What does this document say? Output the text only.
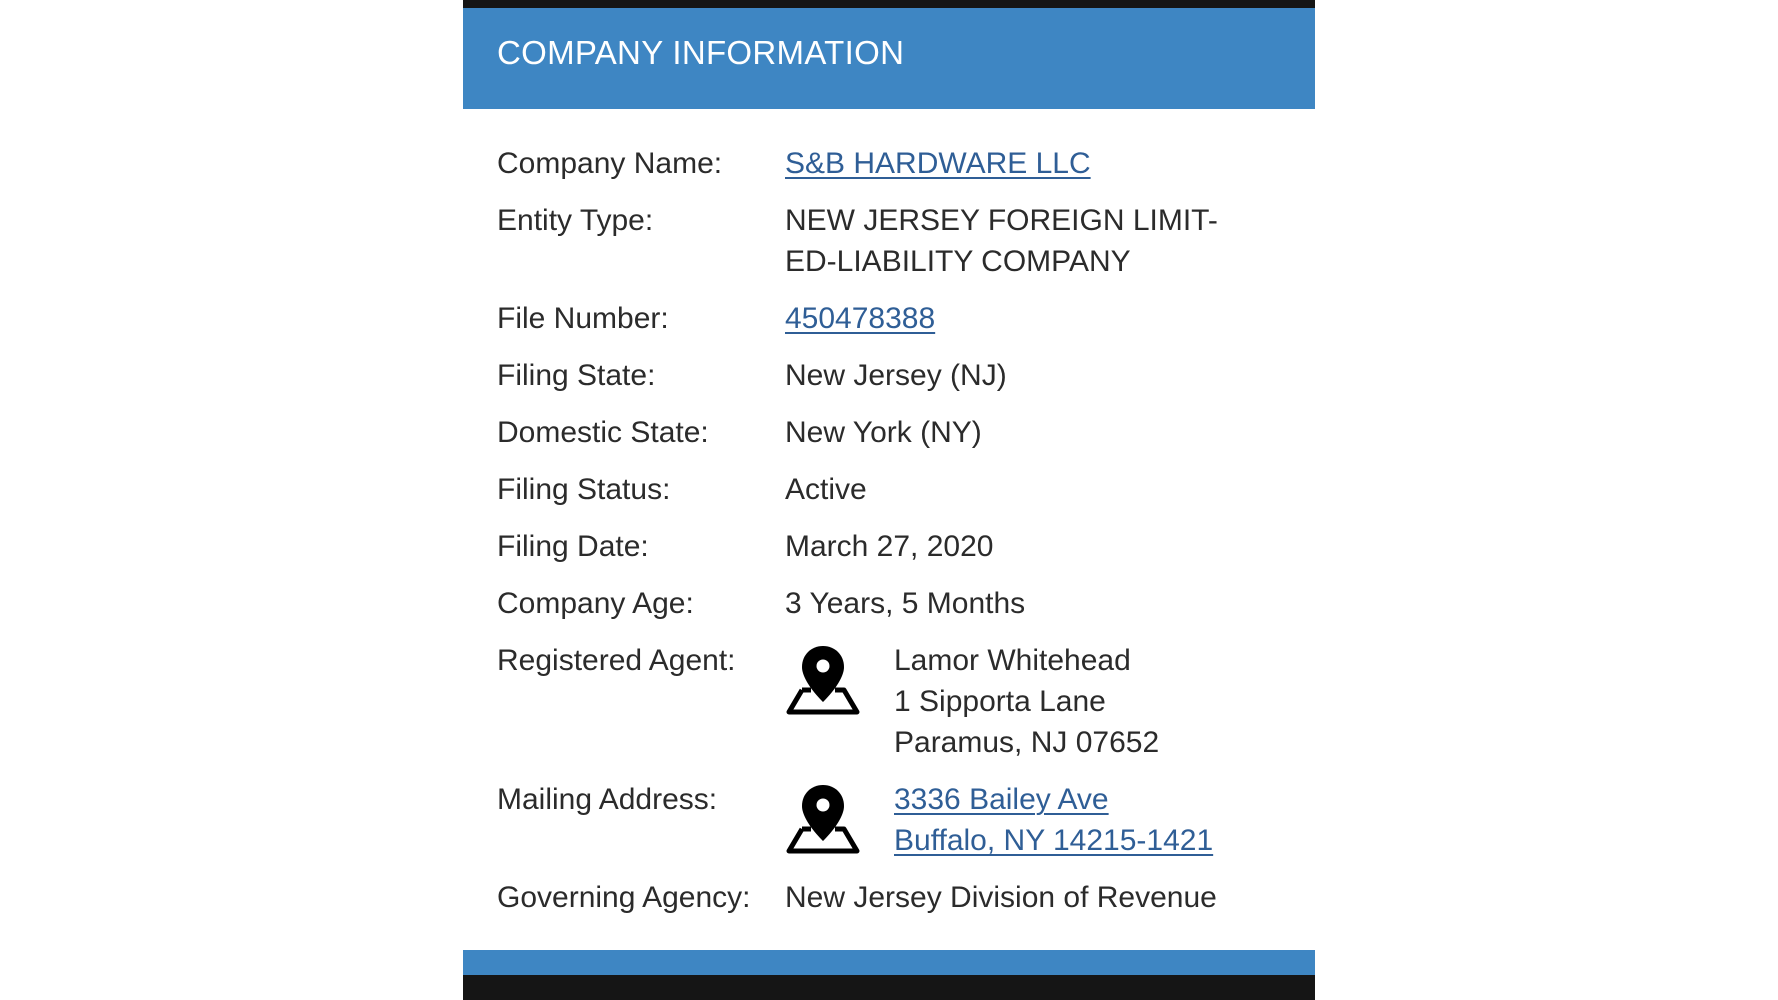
COMPANY INFORMATION
Company Name: S&B HARDWARE LLC
Entity Type:	NEW JERSEY FOREIGN LIMIT-
ED-LIABILITY COMPANY
File Number:	450478388
Filing State:	New Jersey (NJ)
Domestic State:	New York (NY)
Filing Status:	Active
Filing Date:	March 27, 2020
Company Age:	3 Years, 5 Months
Registered Agent:	Lamor Whitehead
1 Sipporta Lane
Paramus, NJ 07652
Mailing Address:	3336 Bailey Ave
Buffalo, NY 14215-1421
Governing Agency: New Jersey Division of Revenue
